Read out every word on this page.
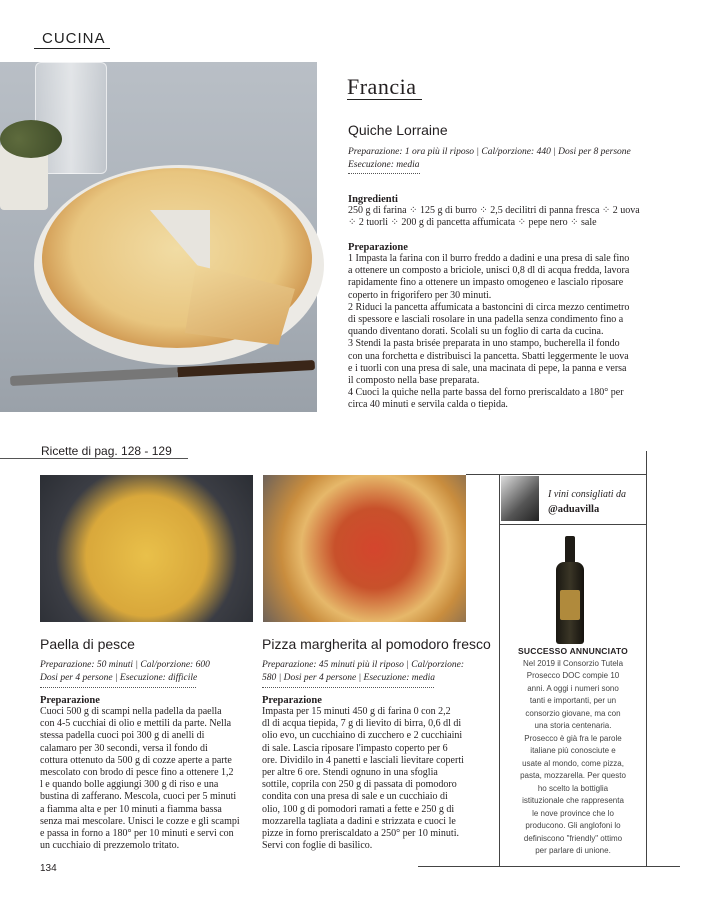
CUCINA
Francia
Quiche Lorraine
Preparazione: 1 ora più il riposo | Cal/porzione: 440 | Dosi per 8 persone
Esecuzione: media
Ingredienti
250 g di farina ⁘ 125 g di burro ⁘ 2,5 decilitri di panna fresca ⁘ 2 uova
⁘ 2 tuorli ⁘ 200 g di pancetta affumicata ⁘ pepe nero ⁘ sale
Preparazione
1 Impasta la farina con il burro freddo a dadini e una presa di sale fino
a ottenere un composto a briciole, unisci 0,8 dl di acqua fredda, lavora
rapidamente fino a ottenere un impasto omogeneo e lascialo riposare
coperto in frigorifero per 30 minuti.
2 Riduci la pancetta affumicata a bastoncini di circa mezzo centimetro
di spessore e lasciali rosolare in una padella senza condimento fino a
quando diventano dorati. Scolali su un foglio di carta da cucina.
3 Stendi la pasta brisée preparata in uno stampo, bucherella il fondo
con una forchetta e distribuisci la pancetta. Sbatti leggermente le uova
e i tuorli con una presa di sale, una macinata di pepe, la panna e versa
il composto nella base preparata.
4 Cuoci la quiche nella parte bassa del forno preriscaldato a 180° per
circa 40 minuti e servila calda o tiepida.
Ricette di pag. 128 - 129
Paella di pesce
Preparazione: 50 minuti | Cal/porzione: 600
Dosi per 4 persone | Esecuzione: difficile
Preparazione
Cuoci 500 g di scampi nella padella da paella
con 4-5 cucchiai di olio e mettili da parte. Nella
stessa padella cuoci poi 300 g di anelli di
calamaro per 30 secondi, versa il fondo di
cottura ottenuto da 500 g di cozze aperte a parte
mescolato con brodo di pesce fino a ottenere 1,2
l e quando bolle aggiungi 300 g di riso e una
bustina di zafferano. Mescola, cuoci per 5 minuti
a fiamma alta e per 10 minuti a fiamma bassa
senza mai mescolare. Unisci le cozze e gli scampi
e passa in forno a 180° per 10 minuti e servi con
un cucchiaio di prezzemolo tritato.
Pizza margherita al pomodoro fresco
Preparazione: 45 minuti più il riposo | Cal/porzione:
580 | Dosi per 4 persone | Esecuzione: media
Preparazione
Impasta per 15 minuti 450 g di farina 0 con 2,2
dl di acqua tiepida, 7 g di lievito di birra, 0,6 dl di
olio evo, un cucchiaino di zucchero e 2 cucchiaini
di sale. Lascia riposare l'impasto coperto per 6
ore. Dividilo in 4 panetti e lasciali lievitare coperti
per altre 6 ore. Stendi ognuno in una sfoglia
sottile, coprila con 250 g di passata di pomodoro
condita con una presa di sale e un cucchiaio di
olio, 100 g di pomodori ramati a fette e 250 g di
mozzarella tagliata a dadini e strizzata e cuoci le
pizze in forno preriscaldato a 250° per 10 minuti.
Servi con foglie di basilico.
I vini consigliati da
@aduavilla
SUCCESSO ANNUNCIATO
Nel 2019 il Consorzio Tutela
Prosecco DOC compie 10
anni. A oggi i numeri sono
tanti e importanti, per un
consorzio giovane, ma con
una storia centenaria.
Prosecco è già fra le parole
italiane più conosciute e
usate al mondo, come pizza,
pasta, mozzarella. Per questo
ho scelto la bottiglia
istituzionale che rappresenta
le nove province che lo
producono. Gli anglofoni lo
definiscono "friendly" ottimo
per parlare di unione.
134
